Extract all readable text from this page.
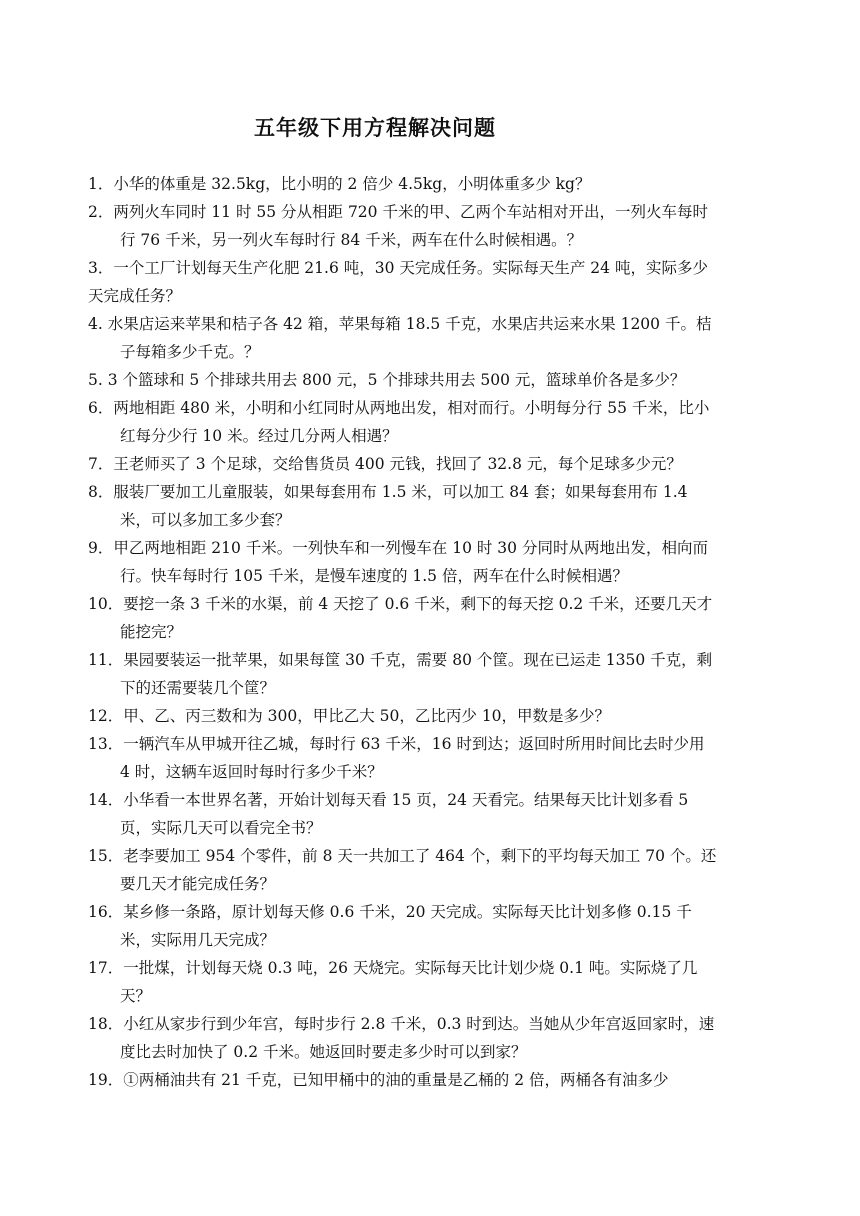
五年级下用方程解决问题
1．小华的体重是 32.5kg，比小明的 2 倍少 4.5kg，小明体重多少 kg？
2．两列火车同时 11 时 55 分从相距 720 千米的甲、乙两个车站相对开出，一列火车每时行 76 千米，另一列火车每时行 84 千米，两车在什么时候相遇。？
3．一个工厂计划每天生产化肥 21.6 吨，30 天完成任务。实际每天生产 24 吨，实际多少天完成任务？
4. 水果店运来苹果和桔子各 42 箱，苹果每箱 18.5 千克，水果店共运来水果 1200 千。桔子每箱多少千克。？
5. 3 个篮球和 5 个排球共用去 800 元，5 个排球共用去 500 元，篮球单价各是多少？
6．两地相距 480 米，小明和小红同时从两地出发，相对而行。小明每分行 55 千米，比小红每分少行 10 米。经过几分两人相遇？
7．王老师买了 3 个足球，交给售货员 400 元钱，找回了 32.8 元，每个足球多少元？
8．服装厂要加工儿童服装，如果每套用布 1.5 米，可以加工 84 套；如果每套用布 1.4 米，可以多加工多少套？
9．甲乙两地相距 210 千米。一列快车和一列慢车在 10 时 30 分同时从两地出发，相向而行。快车每时行 105 千米，是慢车速度的 1.5 倍，两车在什么时候相遇？
10．要挖一条 3 千米的水渠，前 4 天挖了 0.6 千米，剩下的每天挖 0.2 千米，还要几天才能挖完？
11．果园要装运一批苹果，如果每筐 30 千克，需要 80 个筐。现在已运走 1350 千克，剩下的还需要装几个筐？
12．甲、乙、丙三数和为 300，甲比乙大 50，乙比丙少 10，甲数是多少？
13．一辆汽车从甲城开往乙城，每时行 63 千米，16 时到达；返回时所用时间比去时少用 4 时，这辆车返回时每时行多少千米？
14．小华看一本世界名著，开始计划每天看 15 页，24 天看完。结果每天比计划多看 5 页，实际几天可以看完全书？
15．老李要加工 954 个零件，前 8 天一共加工了 464 个，剩下的平均每天加工 70 个。还要几天才能完成任务？
16．某乡修一条路，原计划每天修 0.6 千米，20 天完成。实际每天比计划多修 0.15 千米，实际用几天完成？
17．一批煤，计划每天烧 0.3 吨，26 天烧完。实际每天比计划少烧 0.1 吨。实际烧了几天？
18．小红从家步行到少年宫，每时步行 2.8 千米，0.3 时到达。当她从少年宫返回家时，速度比去时加快了 0.2 千米。她返回时要走多少时可以到家？
19．①两桶油共有 21 千克，已知甲桶中的油的重量是乙桶的 2 倍，两桶各有油多少
